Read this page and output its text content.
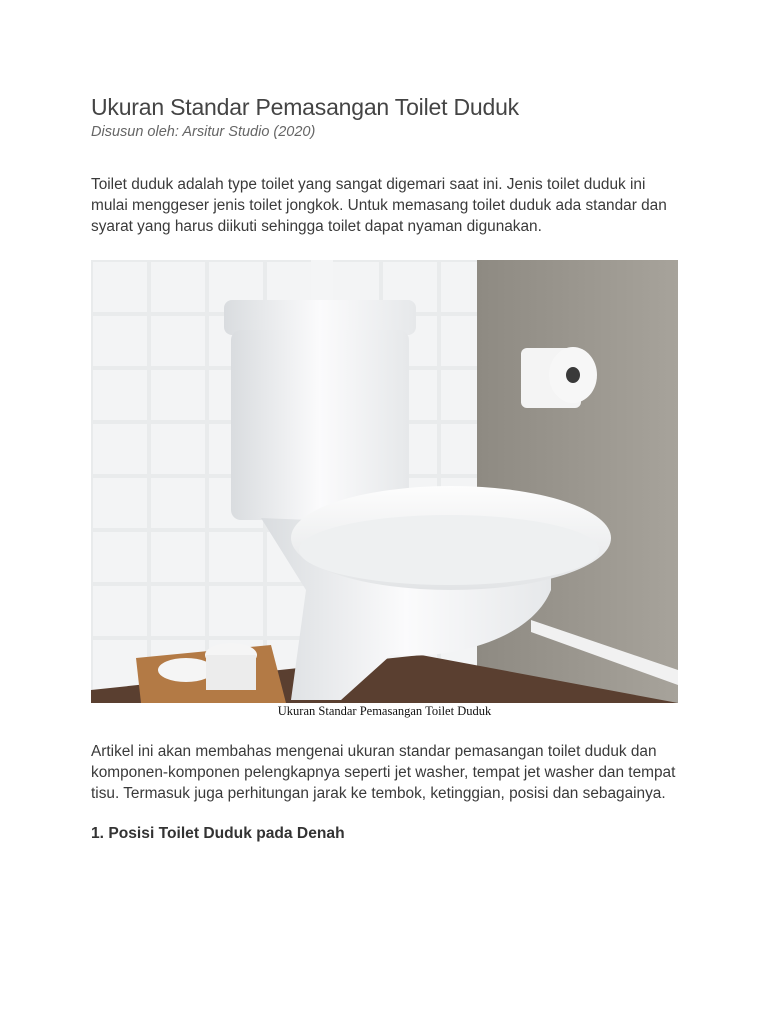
Ukuran Standar Pemasangan Toilet Duduk
Disusun oleh: Arsitur Studio (2020)

Toilet duduk adalah type toilet yang sangat digemari saat ini. Jenis toilet duduk ini mulai menggeser jenis toilet jongkok. Untuk memasang toilet duduk ada standar dan syarat yang harus diikuti sehingga toilet dapat nyaman digunakan.

Ukuran Standar Pemasangan Toilet Duduk

Artikel ini akan membahas mengenai ukuran standar pemasangan toilet duduk dan komponen-komponen pelengkapnya seperti jet washer, tempat jet washer dan tempat tisu. Termasuk juga perhitungan jarak ke tembok, ketinggian, posisi dan sebagainya.

1. Posisi Toilet Duduk pada Denah
